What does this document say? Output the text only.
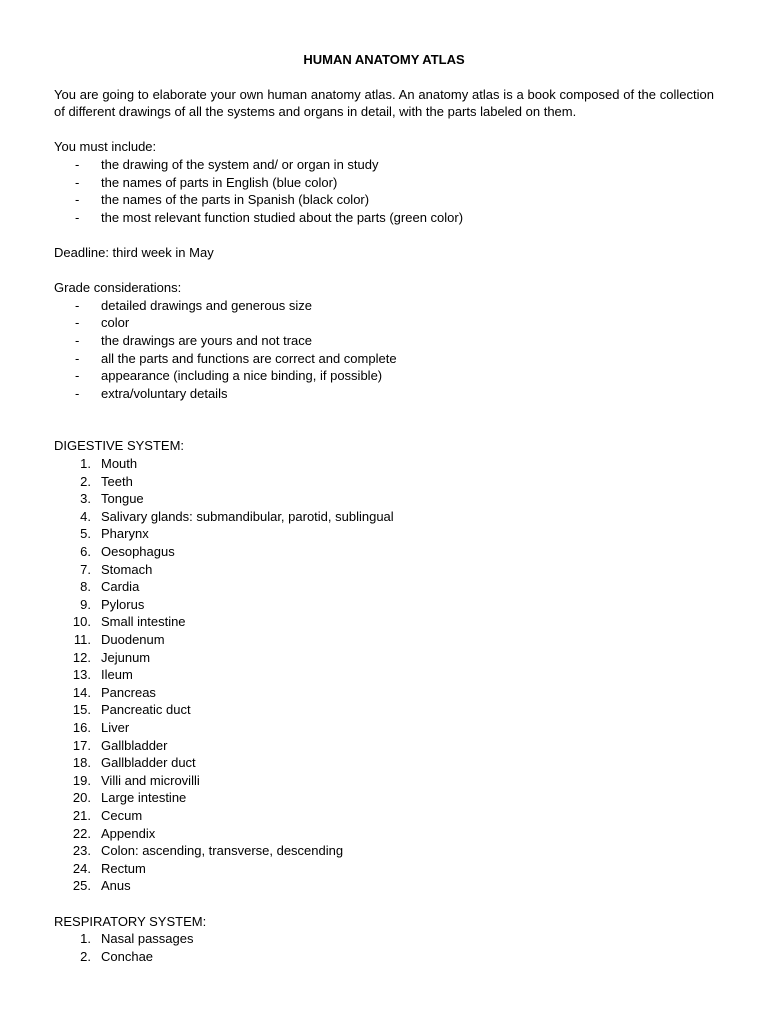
HUMAN ANATOMY ATLAS

You are going to elaborate your own human anatomy atlas. An anatomy atlas is a book composed of the collection of different drawings of all the systems and organs in detail, with the parts labeled on them.

You must include:

- the drawing of the system and/ or organ in study
- the names of parts in English (blue color)
- the names of the parts in Spanish (black color)
- the most relevant function studied about the parts (green color)

Deadline: third week in May

Grade considerations:

- detailed drawings and generous size
- color
- the drawings are yours and not trace
- all the parts and functions are correct and complete
- appearance (including a nice binding, if possible)
- extra/voluntary details

DIGESTIVE SYSTEM:

1. Mouth
2. Teeth
3. Tongue
4. Salivary glands: submandibular, parotid, sublingual
5. Pharynx
6. Oesophagus
7. Stomach
8. Cardia
9. Pylorus
10. Small intestine
11. Duodenum
12. Jejunum
13. Ileum
14. Pancreas
15. Pancreatic duct
16. Liver
17. Gallbladder
18. Gallbladder duct
19. Villi and microvilli
20. Large intestine
21. Cecum
22. Appendix
23. Colon: ascending, transverse, descending
24. Rectum
25. Anus

RESPIRATORY SYSTEM:

1. Nasal passages
2. Conchae
